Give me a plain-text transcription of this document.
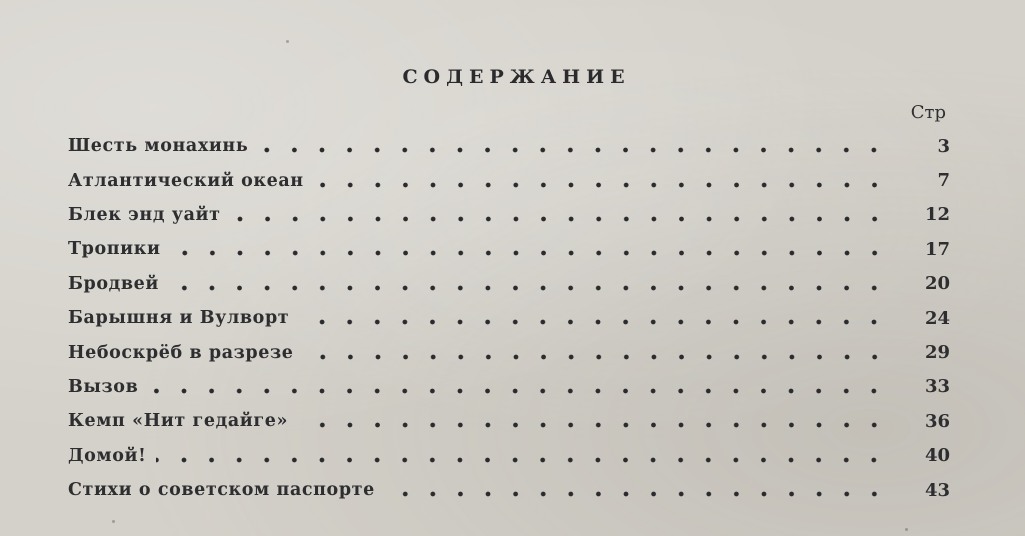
СОДЕРЖАНИЕ
Стр
Шесть монахинь	3
Атлантический океан	7
Блек энд уайт	12
Тропики	17
Бродвей	20
Барышня и Вулворт	24
Небоскрёб в разрезе	29
Вызов	33
Кемп «Нит гедайге»	36
Домой!	40
Стихи о советском паспорте	43
